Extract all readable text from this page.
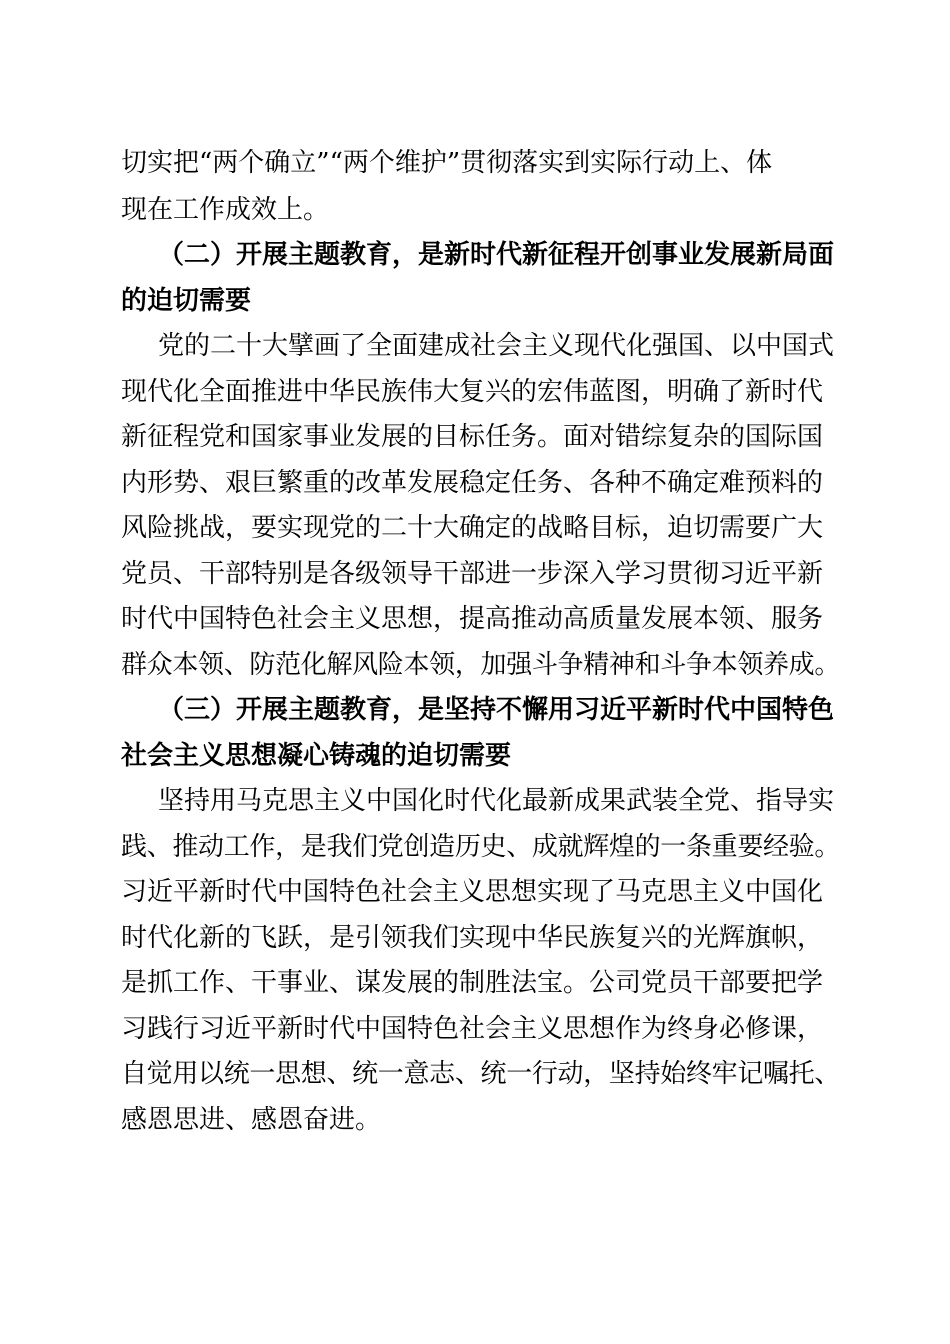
切实把“两个确立”“两个维护”贯彻落实到实际行动上、体
现在工作成效上。
（二）开展主题教育，是新时代新征程开创事业发展新局面
的迫切需要
党的二十大擘画了全面建成社会主义现代化强国、以中国式
现代化全面推进中华民族伟大复兴的宏伟蓝图，明确了新时代
新征程党和国家事业发展的目标任务。面对错综复杂的国际国
内形势、艰巨繁重的改革发展稳定任务、各种不确定难预料的
风险挑战，要实现党的二十大确定的战略目标，迫切需要广大
党员、干部特别是各级领导干部进一步深入学习贯彻习近平新
时代中国特色社会主义思想，提高推动高质量发展本领、服务
群众本领、防范化解风险本领，加强斗争精神和斗争本领养成。
（三）开展主题教育，是坚持不懈用习近平新时代中国特色
社会主义思想凝心铸魂的迫切需要
坚持用马克思主义中国化时代化最新成果武装全党、指导实
践、推动工作，是我们党创造历史、成就辉煌的一条重要经验。
习近平新时代中国特色社会主义思想实现了马克思主义中国化
时代化新的飞跃，是引领我们实现中华民族复兴的光辉旗帜，
是抓工作、干事业、谋发展的制胜法宝。公司党员干部要把学
习践行习近平新时代中国特色社会主义思想作为终身必修课，
自觉用以统一思想、统一意志、统一行动，坚持始终牢记嘱托、
感恩思进、感恩奋进。
